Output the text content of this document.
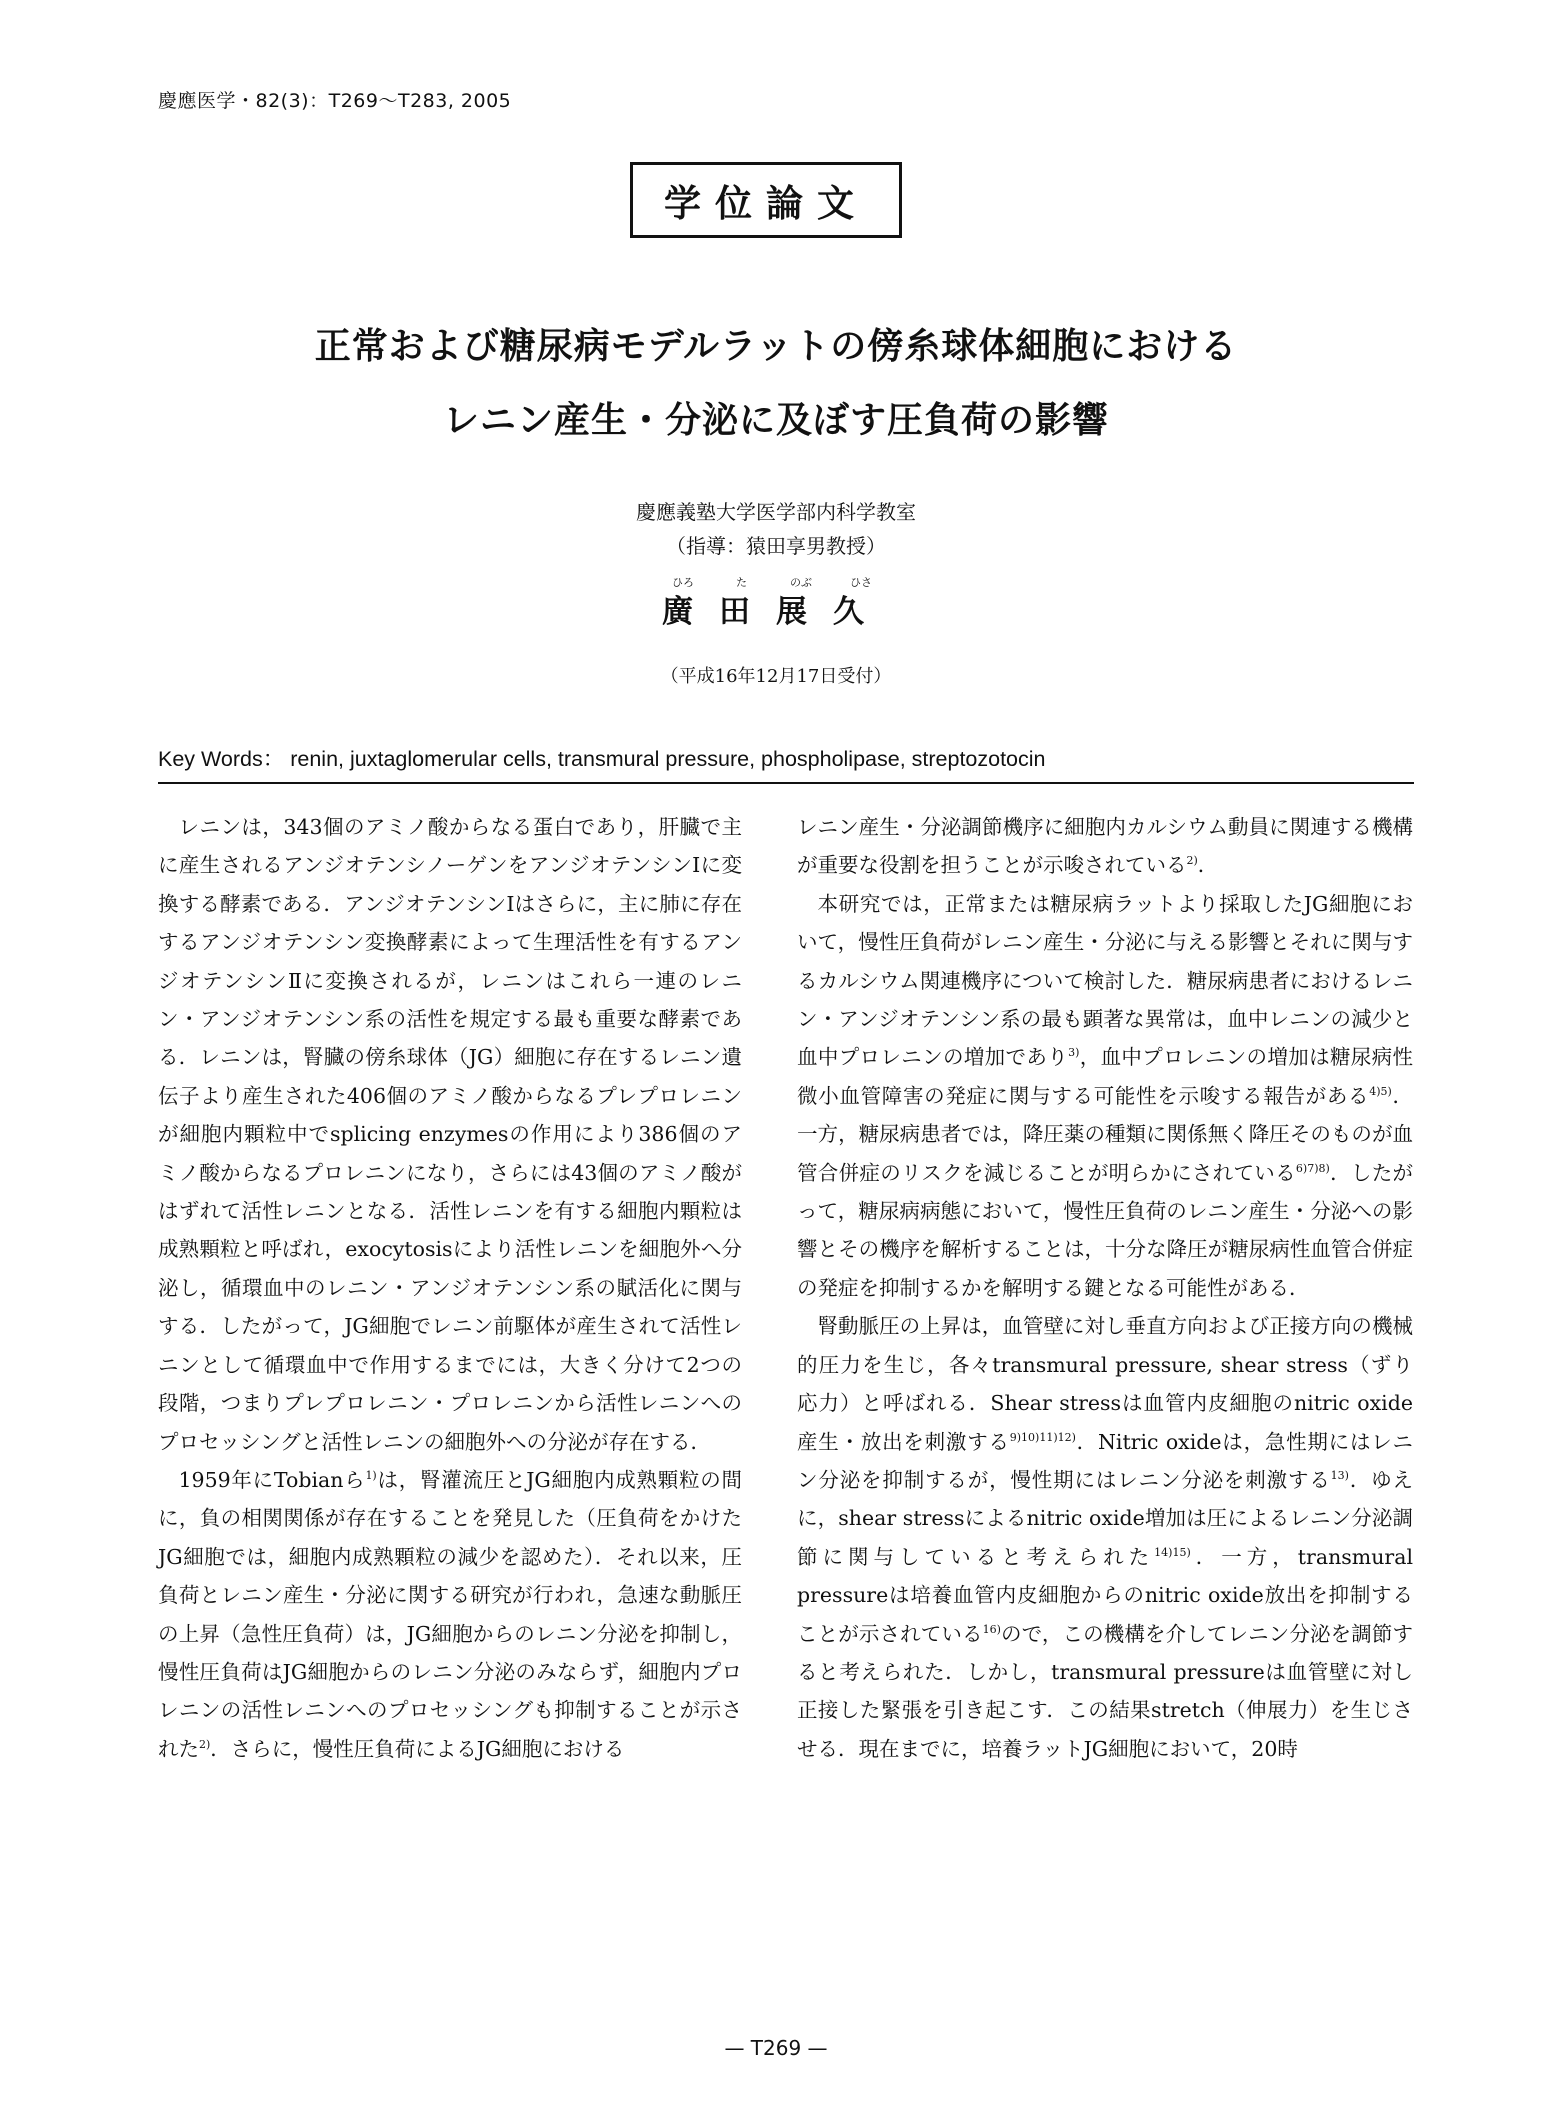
慶應医学・82(3)：T269〜T283, 2005
学位論文
正常および糖尿病モデルラットの傍糸球体細胞における
レニン産生・分泌に及ぼす圧負荷の影響
慶應義塾大学医学部内科学教室
（指導：猿田享男教授）
ひろ	た	のぶ	ひさ
廣田展久
（平成16年12月17日受付）
Key Words： renin, juxtaglomerular cells, transmural pressure, phospholipase, streptozotocin

レニンは，343個のアミノ酸からなる蛋白であり，肝臓で主に産生されるアンジオテンシノーゲンをアンジオテンシンⅠに変換する酵素である．アンジオテンシンⅠはさらに，主に肺に存在するアンジオテンシン変換酵素によって生理活性を有するアンジオテンシンⅡに変換されるが，レニンはこれら一連のレニン・アンジオテンシン系の活性を規定する最も重要な酵素である．レニンは，腎臓の傍糸球体（JG）細胞に存在するレニン遺伝子より産生された406個のアミノ酸からなるプレプロレニンが細胞内顆粒中でsplicing enzymesの作用により386個のアミノ酸からなるプロレニンになり，さらには43個のアミノ酸がはずれて活性レニンとなる．活性レニンを有する細胞内顆粒は成熟顆粒と呼ばれ，exocytosisにより活性レニンを細胞外へ分泌し，循環血中のレニン・アンジオテンシン系の賦活化に関与する．したがって，JG細胞でレニン前駆体が産生されて活性レニンとして循環血中で作用するまでには，大きく分けて2つの段階，つまりプレプロレニン・プロレニンから活性レニンへのプロセッシングと活性レニンの細胞外への分泌が存在する．

1959年にTobianら$^{1)}$は，腎灌流圧とJG細胞内成熟顆粒の間に，負の相関関係が存在することを発見した（圧負荷をかけたJG細胞では，細胞内成熟顆粒の減少を認めた）．それ以来，圧負荷とレニン産生・分泌に関する研究が行われ，急速な動脈圧の上昇（急性圧負荷）は，JG細胞からのレニン分泌を抑制し，慢性圧負荷はJG細胞からのレニン分泌のみならず，細胞内プロレニンの活性レニンへのプロセッシングも抑制することが示された$^{2)}$．さらに，慢性圧負荷によるJG細胞における

レニン産生・分泌調節機序に細胞内カルシウム動員に関連する機構が重要な役割を担うことが示唆されている$^{2)}$．

本研究では，正常または糖尿病ラットより採取したJG細胞において，慢性圧負荷がレニン産生・分泌に与える影響とそれに関与するカルシウム関連機序について検討した．糖尿病患者におけるレニン・アンジオテンシン系の最も顕著な異常は，血中レニンの減少と血中プロレニンの増加であり$^{3)}$，血中プロレニンの増加は糖尿病性微小血管障害の発症に関与する可能性を示唆する報告がある$^{4)5)}$．一方，糖尿病患者では，降圧薬の種類に関係無く降圧そのものが血管合併症のリスクを減じることが明らかにされている$^{6)7)8)}$．したがって，糖尿病病態において，慢性圧負荷のレニン産生・分泌への影響とその機序を解析することは，十分な降圧が糖尿病性血管合併症の発症を抑制するかを解明する鍵となる可能性がある．

腎動脈圧の上昇は，血管壁に対し垂直方向および正接方向の機械的圧力を生じ，各々transmural pressure, shear stress（ずり応力）と呼ばれる．Shear stressは血管内皮細胞のnitric oxide産生・放出を刺激する$^{9)10)11)12)}$．Nitric oxideは，急性期にはレニン分泌を抑制するが，慢性期にはレニン分泌を刺激する$^{13)}$．ゆえに，shear stressによるnitric oxide増加は圧によるレニン分泌調節に関与していると考えられた$^{14)15)}$．一方，transmural pressureは培養血管内皮細胞からのnitric oxide放出を抑制することが示されている$^{16)}$ので，この機構を介してレニン分泌を調節すると考えられた．しかし，transmural pressureは血管壁に対し正接した緊張を引き起こす．この結果stretch（伸展力）を生じさせる．現在までに，培養ラットJG細胞において，20時

— T269 —
